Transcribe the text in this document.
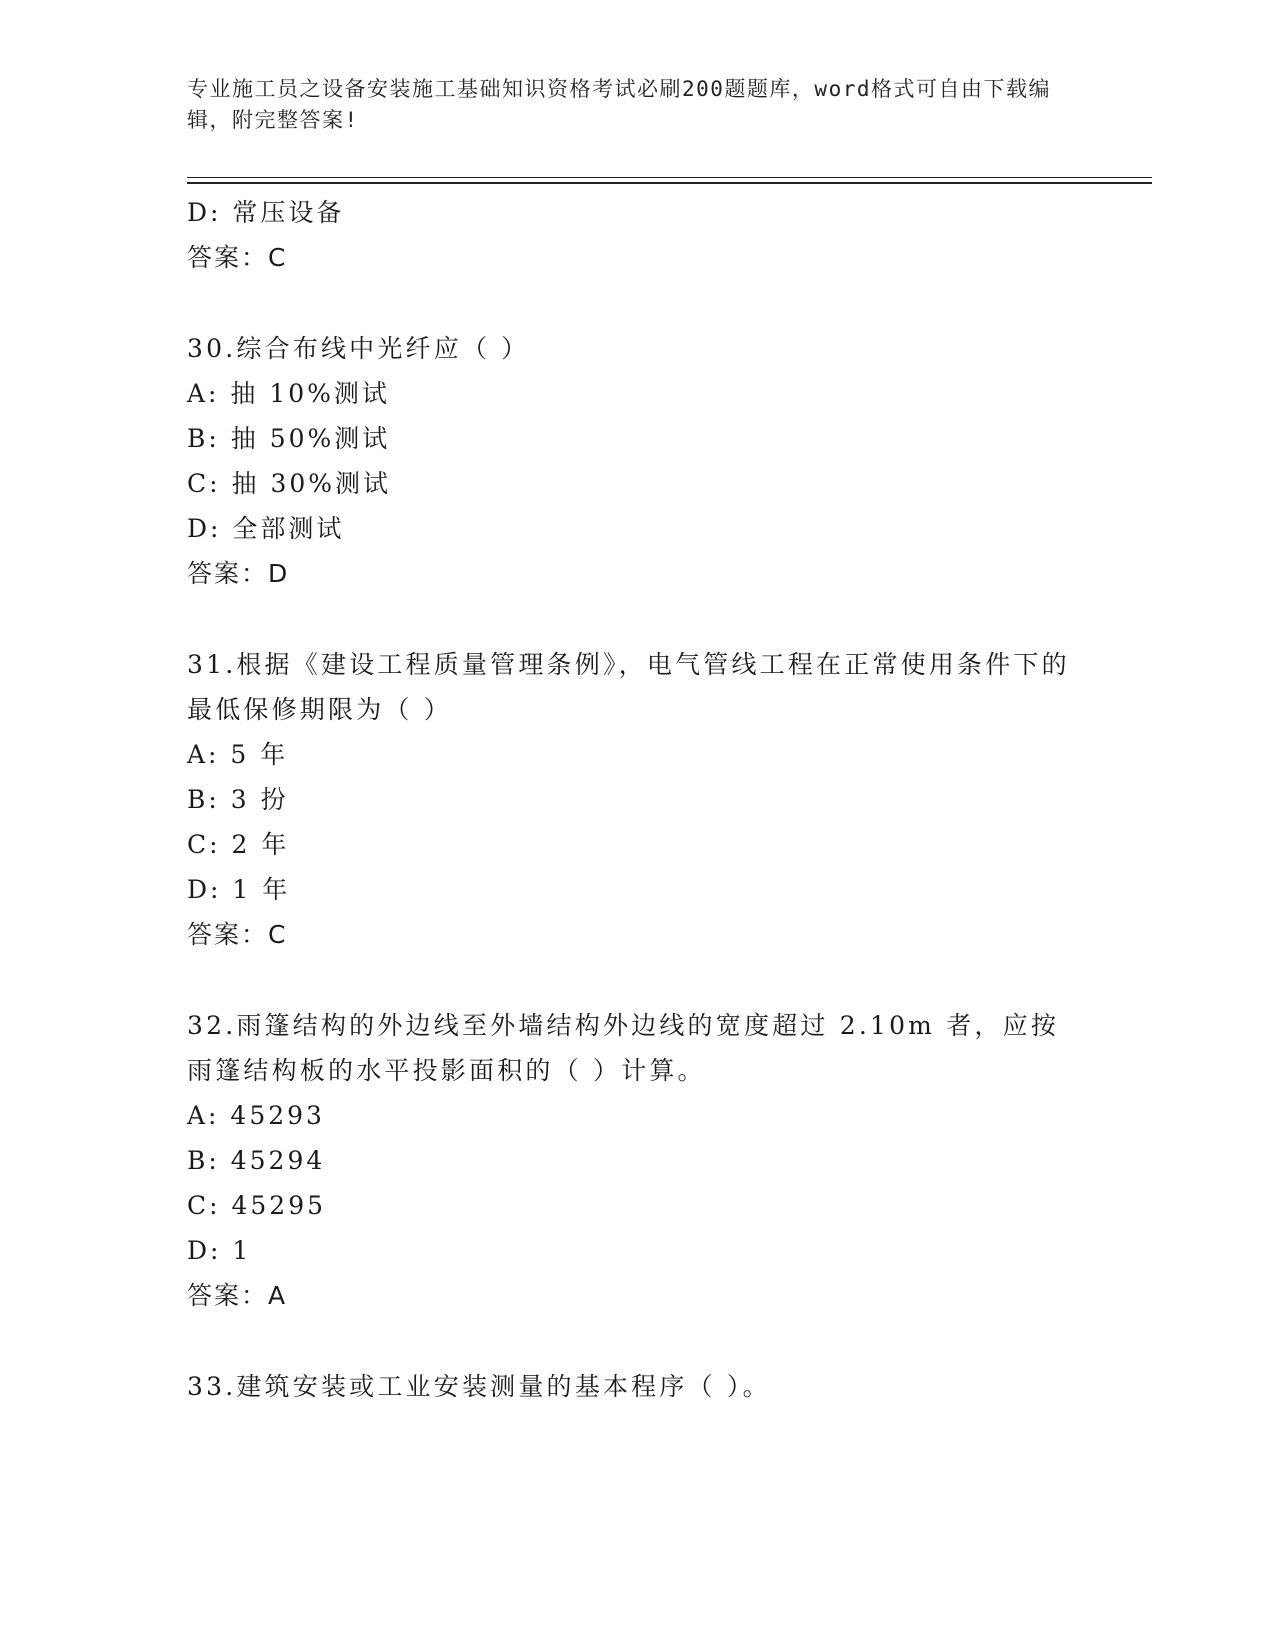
专业施工员之设备安装施工基础知识资格考试必刷200题题库，word格式可自由下载编辑，附完整答案!
D: 常压设备
答案：C
30.综合布线中光纤应（ ）
A: 抽 10%测试
B: 抽 50%测试
C: 抽 30%测试
D: 全部测试
答案：D
31.根据《建设工程质量管理条例》，电气管线工程在正常使用条件下的最低保修期限为（ ）
A: 5 年
B: 3 扮
C: 2 年
D: 1 年
答案：C
32.雨篷结构的外边线至外墙结构外边线的宽度超过 2.10m 者，应按雨篷结构板的水平投影面积的（ ）计算。
A: 45293
B: 45294
C: 45295
D: 1
答案：A
33.建筑安装或工业安装测量的基本程序（ ）。
